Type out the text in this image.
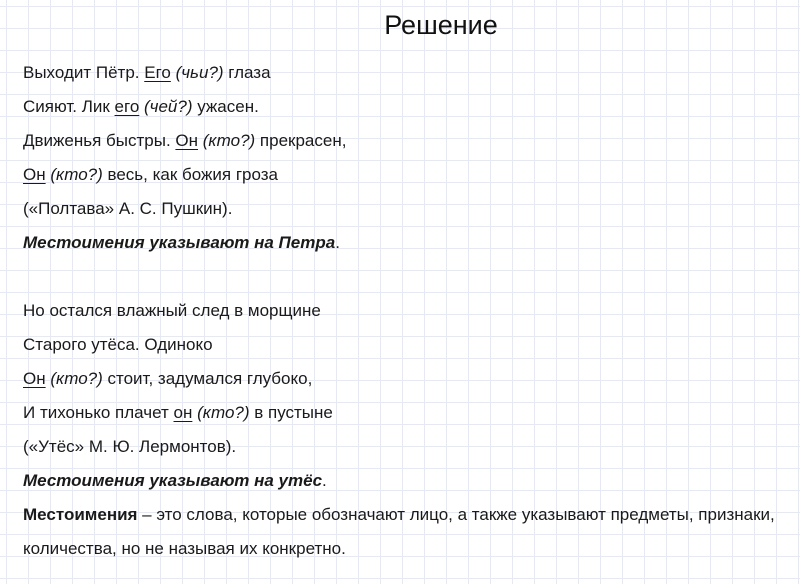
Решение
Выходит Пётр. Его (чьи?) глаза
Сияют. Лик его (чей?) ужасен.
Движенья быстры. Он (кто?) прекрасен,
Он (кто?) весь, как божия гроза
(«Полтава» А. С. Пушкин).
Местоимения указывают на Петра.
Но остался влажный след в морщине
Старого утёса. Одиноко
Он (кто?) стоит, задумался глубоко,
И тихонько плачет он (кто?) в пустыне
(«Утёс» М. Ю. Лермонтов).
Местоимения указывают на утёс.
Местоимения – это слова, которые обозначают лицо, а также указывают предметы, признаки, количества, но не называя их конкретно.
